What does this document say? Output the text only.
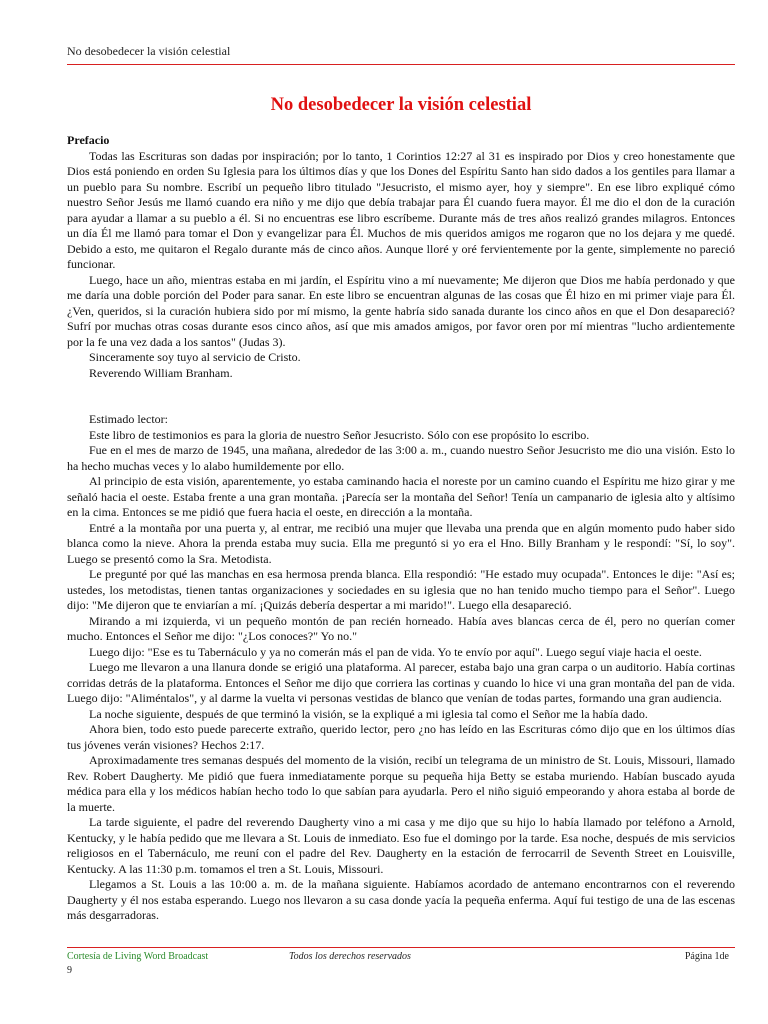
No desobedecer la visión celestial
No desobedecer la visión celestial
Prefacio

Todas las Escrituras son dadas por inspiración; por lo tanto, 1 Corintios 12:27 al 31 es inspirado por Dios y creo honestamente que Dios está poniendo en orden Su Iglesia para los últimos días y que los Dones del Espíritu Santo han sido dados a los gentiles para llamar a un pueblo para Su nombre. Escribí un pequeño libro titulado "Jesucristo, el mismo ayer, hoy y siempre". En ese libro expliqué cómo nuestro Señor Jesús me llamó cuando era niño y me dijo que debía trabajar para Él cuando fuera mayor. Él me dio el don de la curación para ayudar a llamar a su pueblo a él. Si no encuentras ese libro escríbeme. Durante más de tres años realizó grandes milagros. Entonces un día Él me llamó para tomar el Don y evangelizar para Él. Muchos de mis queridos amigos me rogaron que no los dejara y me quedé. Debido a esto, me quitaron el Regalo durante más de cinco años. Aunque lloré y oré fervientemente por la gente, simplemente no pareció funcionar.

Luego, hace un año, mientras estaba en mi jardín, el Espíritu vino a mí nuevamente; Me dijeron que Dios me había perdonado y que me daría una doble porción del Poder para sanar. En este libro se encuentran algunas de las cosas que Él hizo en mi primer viaje para Él. ¿Ven, queridos, si la curación hubiera sido por mí mismo, la gente habría sido sanada durante los cinco años en que el Don desapareció? Sufrí por muchas otras cosas durante esos cinco años, así que mis amados amigos, por favor oren por mí mientras "lucho ardientemente por la fe una vez dada a los santos" (Judas 3).

Sinceramente soy tuyo al servicio de Cristo.

Reverendo William Branham.

Estimado lector:

Este libro de testimonios es para la gloria de nuestro Señor Jesucristo. Sólo con ese propósito lo escribo.

Fue en el mes de marzo de 1945, una mañana, alrededor de las 3:00 a. m., cuando nuestro Señor Jesucristo me dio una visión. Esto lo ha hecho muchas veces y lo alabo humildemente por ello.

Al principio de esta visión, aparentemente, yo estaba caminando hacia el noreste por un camino cuando el Espíritu me hizo girar y me señaló hacia el oeste. Estaba frente a una gran montaña. ¡Parecía ser la montaña del Señor! Tenía un campanario de iglesia alto y altísimo en la cima. Entonces se me pidió que fuera hacia el oeste, en dirección a la montaña.

Entré a la montaña por una puerta y, al entrar, me recibió una mujer que llevaba una prenda que en algún momento pudo haber sido blanca como la nieve. Ahora la prenda estaba muy sucia. Ella me preguntó si yo era el Hno. Billy Branham y le respondí: "Sí, lo soy". Luego se presentó como la Sra. Metodista.

Le pregunté por qué las manchas en esa hermosa prenda blanca. Ella respondió: "He estado muy ocupada". Entonces le dije: "Así es; ustedes, los metodistas, tienen tantas organizaciones y sociedades en su iglesia que no han tenido mucho tiempo para el Señor". Luego dijo: "Me dijeron que te enviarían a mí. ¡Quizás debería despertar a mi marido!". Luego ella desapareció.

Mirando a mi izquierda, vi un pequeño montón de pan recién horneado. Había aves blancas cerca de él, pero no querían comer mucho. Entonces el Señor me dijo: "¿Los conoces?" Yo no."

Luego dijo: "Ese es tu Tabernáculo y ya no comerán más el pan de vida. Yo te envío por aquí". Luego seguí viaje hacia el oeste.

Luego me llevaron a una llanura donde se erigió una plataforma. Al parecer, estaba bajo una gran carpa o un auditorio. Había cortinas corridas detrás de la plataforma. Entonces el Señor me dijo que corriera las cortinas y cuando lo hice vi una gran montaña del pan de vida. Luego dijo: "Aliméntalos", y al darme la vuelta vi personas vestidas de blanco que venían de todas partes, formando una gran audiencia.

La noche siguiente, después de que terminó la visión, se la expliqué a mi iglesia tal como el Señor me la había dado.

Ahora bien, todo esto puede parecerte extraño, querido lector, pero ¿no has leído en las Escrituras cómo dijo que en los últimos días tus jóvenes verán visiones? Hechos 2:17.

Aproximadamente tres semanas después del momento de la visión, recibí un telegrama de un ministro de St. Louis, Missouri, llamado Rev. Robert Daugherty. Me pidió que fuera inmediatamente porque su pequeña hija Betty se estaba muriendo. Habían buscado ayuda médica para ella y los médicos habían hecho todo lo que sabían para ayudarla. Pero el niño siguió empeorando y ahora estaba al borde de la muerte.

La tarde siguiente, el padre del reverendo Daugherty vino a mi casa y me dijo que su hijo lo había llamado por teléfono a Arnold, Kentucky, y le había pedido que me llevara a St. Louis de inmediato. Eso fue el domingo por la tarde. Esa noche, después de mis servicios religiosos en el Tabernáculo, me reuní con el padre del Rev. Daugherty en la estación de ferrocarril de Seventh Street en Louisville, Kentucky. A las 11:30 p.m. tomamos el tren a St. Louis, Missouri.

Llegamos a St. Louis a las 10:00 a. m. de la mañana siguiente. Habíamos acordado de antemano encontrarnos con el reverendo Daugherty y él nos estaba esperando. Luego nos llevaron a su casa donde yacía la pequeña enferma. Aquí fui testigo de una de las escenas más desgarradoras.

Cortesía de Living Word Broadcast	Todos los derechos reservados	Página 1de
9
